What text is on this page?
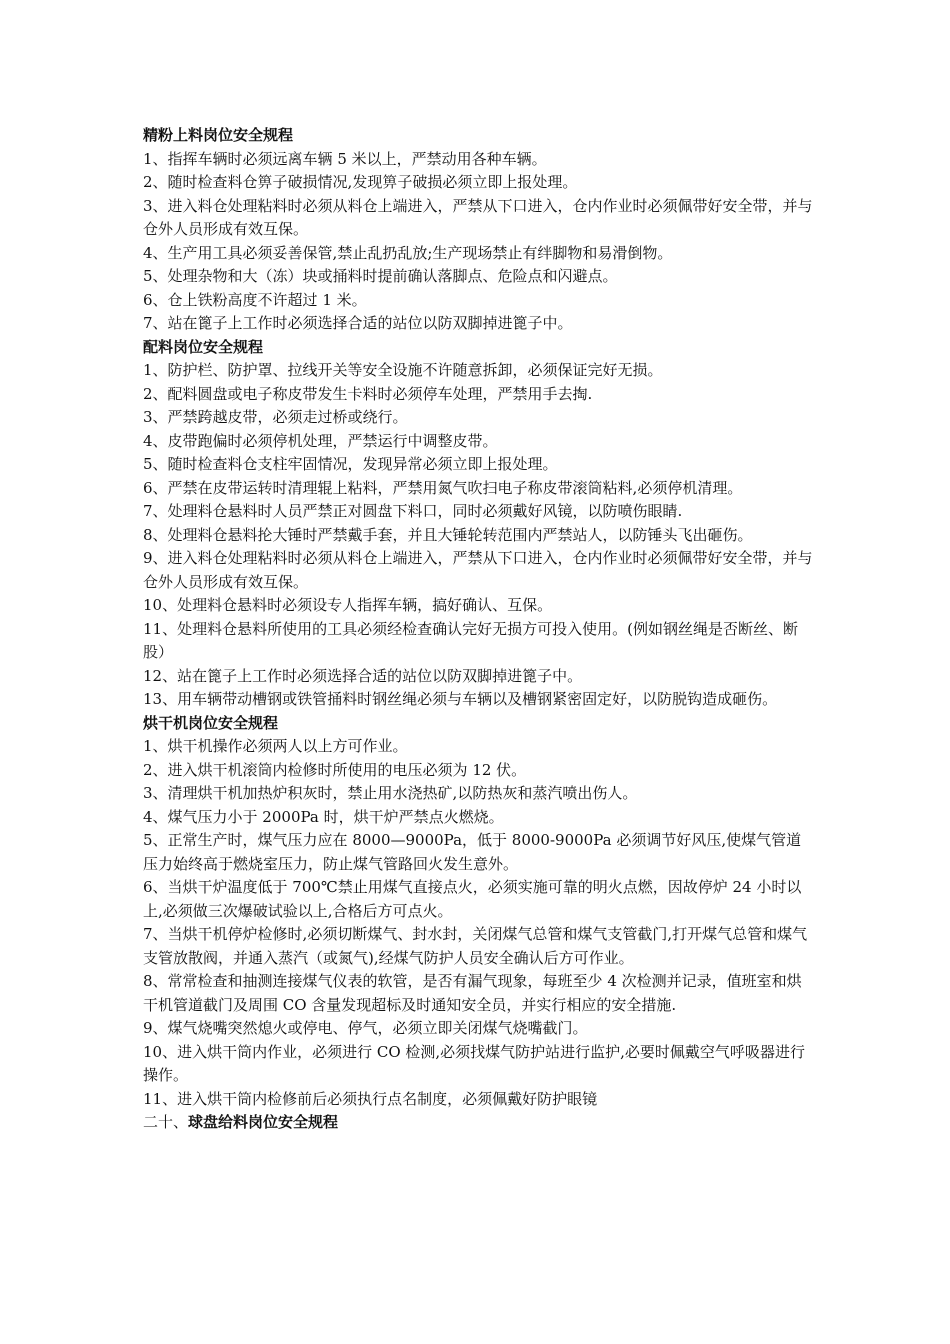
精粉上料岗位安全规程

1、指挥车辆时必须远离车辆 5 米以上，严禁动用各种车辆。

2、随时检查料仓箅子破损情况,发现箅子破损必须立即上报处理。

3、进入料仓处理粘料时必须从料仓上端进入，严禁从下口进入，仓内作业时必须佩带好安全带，并与仓外人员形成有效互保。

4、生产用工具必须妥善保管,禁止乱扔乱放;生产现场禁止有绊脚物和易滑倒物。

5、处理杂物和大（冻）块或捅料时提前确认落脚点、危险点和闪避点。

6、仓上铁粉高度不许超过 1 米。

7、站在篦子上工作时必须选择合适的站位以防双脚掉进篦子中。

配料岗位安全规程

1、防护栏、防护罩、拉线开关等安全设施不许随意拆卸，必须保证完好无损。

2、配料圆盘或电子称皮带发生卡料时必须停车处理，严禁用手去掏.

3、严禁跨越皮带，必须走过桥或绕行。

4、皮带跑偏时必须停机处理，严禁运行中调整皮带。

5、随时检查料仓支柱牢固情况，发现异常必须立即上报处理。

6、严禁在皮带运转时清理辊上粘料，严禁用氮气吹扫电子称皮带滚筒粘料,必须停机清理。

7、处理料仓悬料时人员严禁正对圆盘下料口，同时必须戴好风镜，以防喷伤眼睛.

8、处理料仓悬料抡大锤时严禁戴手套，并且大锤轮转范围内严禁站人，以防锤头飞出砸伤。

9、进入料仓处理粘料时必须从料仓上端进入，严禁从下口进入，仓内作业时必须佩带好安全带，并与仓外人员形成有效互保。

10、处理料仓悬料时必须设专人指挥车辆，搞好确认、互保。

11、处理料仓悬料所使用的工具必须经检查确认完好无损方可投入使用。(例如钢丝绳是否断丝、断股）

12、站在篦子上工作时必须选择合适的站位以防双脚掉进篦子中。

13、用车辆带动槽钢或铁管捅料时钢丝绳必须与车辆以及槽钢紧密固定好，以防脱钩造成砸伤。

烘干机岗位安全规程

1、烘干机操作必须两人以上方可作业。

2、进入烘干机滚筒内检修时所使用的电压必须为 12 伏。

3、清理烘干机加热炉积灰时，禁止用水浇热矿,以防热灰和蒸汽喷出伤人。

4、煤气压力小于 2000Pa 时，烘干炉严禁点火燃烧。

5、正常生产时，煤气压力应在 8000—9000Pa，低于 8000-9000Pa 必须调节好风压,使煤气管道压力始终高于燃烧室压力，防止煤气管路回火发生意外。

6、当烘干炉温度低于 700℃禁止用煤气直接点火，必须实施可靠的明火点燃，因故停炉 24 小时以上,必须做三次爆破试验以上,合格后方可点火。

7、当烘干机停炉检修时,必须切断煤气、封水封，关闭煤气总管和煤气支管截门,打开煤气总管和煤气支管放散阀，并通入蒸汽（或氮气),经煤气防护人员安全确认后方可作业。

8、常常检查和抽测连接煤气仪表的软管，是否有漏气现象，每班至少 4 次检测并记录，值班室和烘干机管道截门及周围 CO 含量发现超标及时通知安全员，并实行相应的安全措施.

9、煤气烧嘴突然熄火或停电、停气，必须立即关闭煤气烧嘴截门。

10、进入烘干筒内作业，必须进行 CO 检测,必须找煤气防护站进行监护,必要时佩戴空气呼吸器进行操作。

11、进入烘干筒内检修前后必须执行点名制度，必须佩戴好防护眼镜

二十、球盘给料岗位安全规程
